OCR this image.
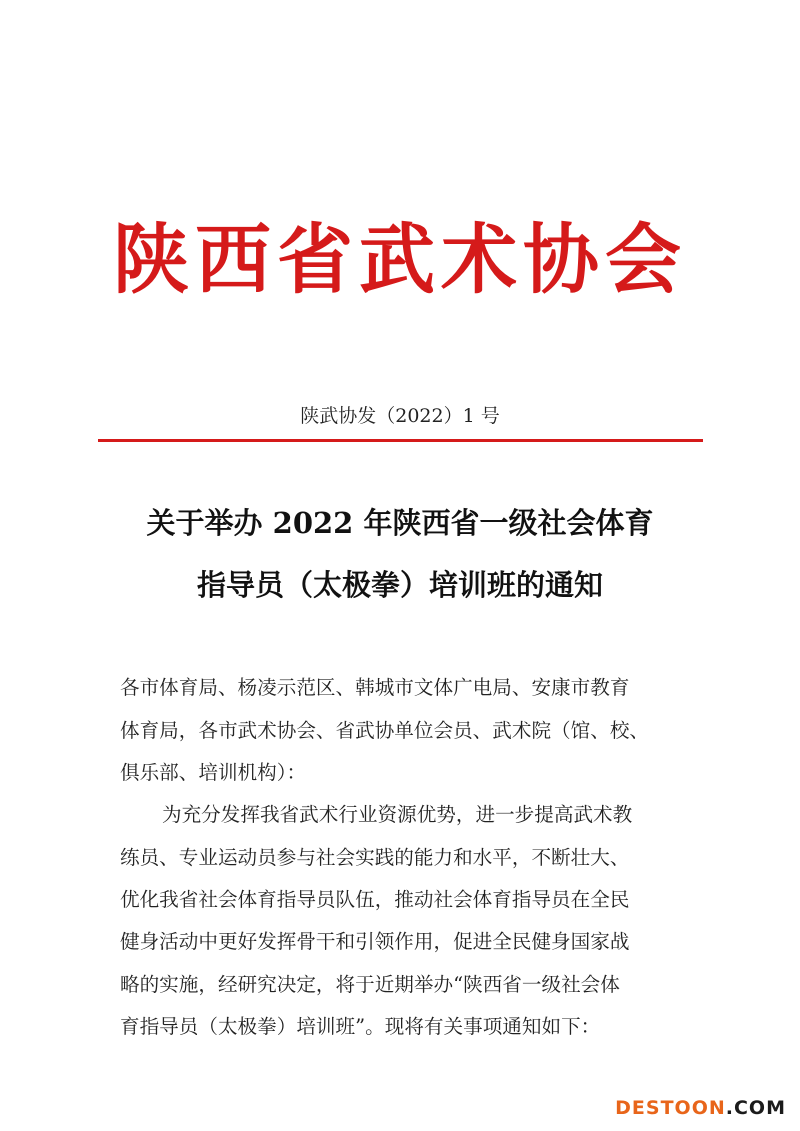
陕西省武术协会
陕武协发（2022）1 号
关于举办 2022 年陕西省一级社会体育
指导员（太极拳）培训班的通知
各市体育局、杨凌示范区、韩城市文体广电局、安康市教育
体育局，各市武术协会、省武协单位会员、武术院（馆、校、
俱乐部、培训机构）：
为充分发挥我省武术行业资源优势，进一步提高武术教
练员、专业运动员参与社会实践的能力和水平，不断壮大、
优化我省社会体育指导员队伍，推动社会体育指导员在全民
健身活动中更好发挥骨干和引领作用，促进全民健身国家战
略的实施，经研究决定，将于近期举办“陕西省一级社会体
育指导员（太极拳）培训班”。现将有关事项通知如下：
DESTOON.COM
